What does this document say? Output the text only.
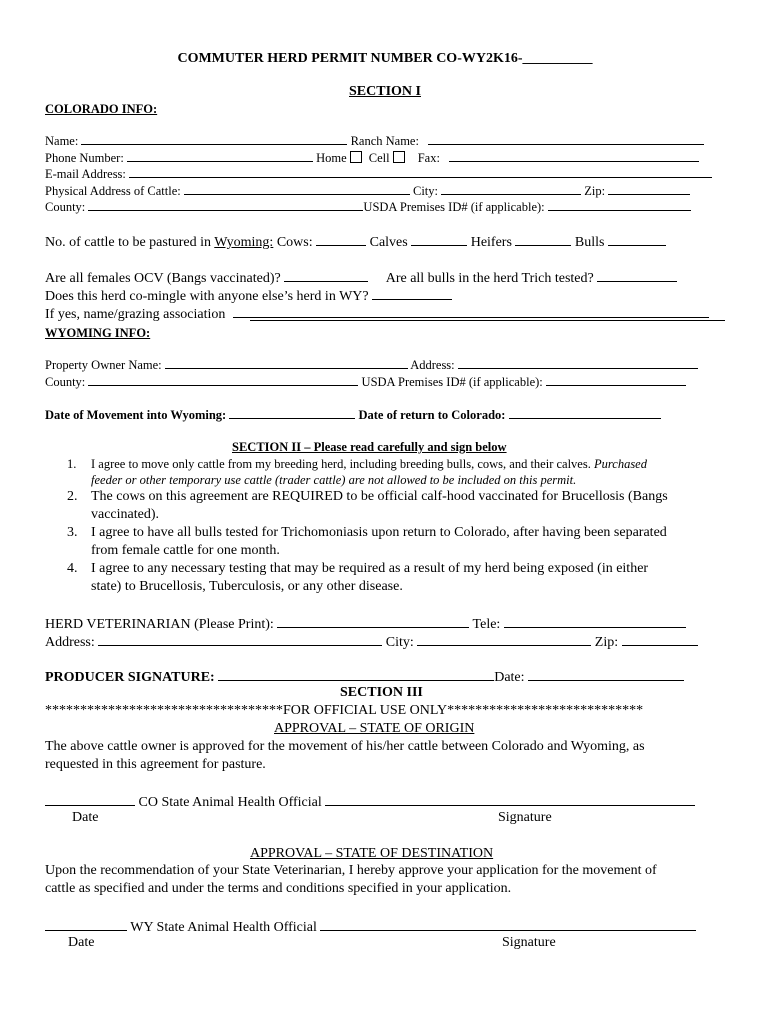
COMMUTER HERD PERMIT NUMBER CO-WY2K16-__________
SECTION I
COLORADO INFO:
Name:	Ranch Name:
Phone Number:	Home Cell Fax:
E-mail Address:
Physical Address of Cattle:	City:	Zip:
County:	USDA Premises ID# (if applicable):
No. of cattle to be pastured in Wyoming: Cows:	Calves	Heifers	Bulls
Are all females OCV (Bangs vaccinated)?	Are all bulls in the herd Trich tested?
Does this herd co-mingle with anyone else’s herd in WY?
If yes, name/grazing association
WYOMING INFO:
Property Owner Name:	Address:
County:	USDA Premises ID# (if applicable):
Date of Movement into Wyoming:	Date of return to Colorado:
SECTION II – Please read carefully and sign below
1. I agree to move only cattle from my breeding herd, including breeding bulls, cows, and their calves. Purchased
feeder or other temporary use cattle (trader cattle) are not allowed to be included on this permit.
2. The cows on this agreement are REQUIRED to be official calf-hood vaccinated for Brucellosis (Bangs
vaccinated).
3. I agree to have all bulls tested for Trichomoniasis upon return to Colorado, after having been separated
from female cattle for one month.
4. I agree to any necessary testing that may be required as a result of my herd being exposed (in either
state) to Brucellosis, Tuberculosis, or any other disease.
HERD VETERINARIAN (Please Print):	Tele:
Address:	City:	Zip:
PRODUCER SIGNATURE:	Date:
SECTION III
**********************************FOR OFFICIAL USE ONLY****************************
APPROVAL – STATE OF ORIGIN
The above cattle owner is approved for the movement of his/her cattle between Colorado and Wyoming, as
requested in this agreement for pasture.
CO State Animal Health Official
Date	Signature
APPROVAL – STATE OF DESTINATION
Upon the recommendation of your State Veterinarian, I hereby approve your application for the movement of
cattle as specified and under the terms and conditions specified in your application.
WY State Animal Health Official
Date	Signature
